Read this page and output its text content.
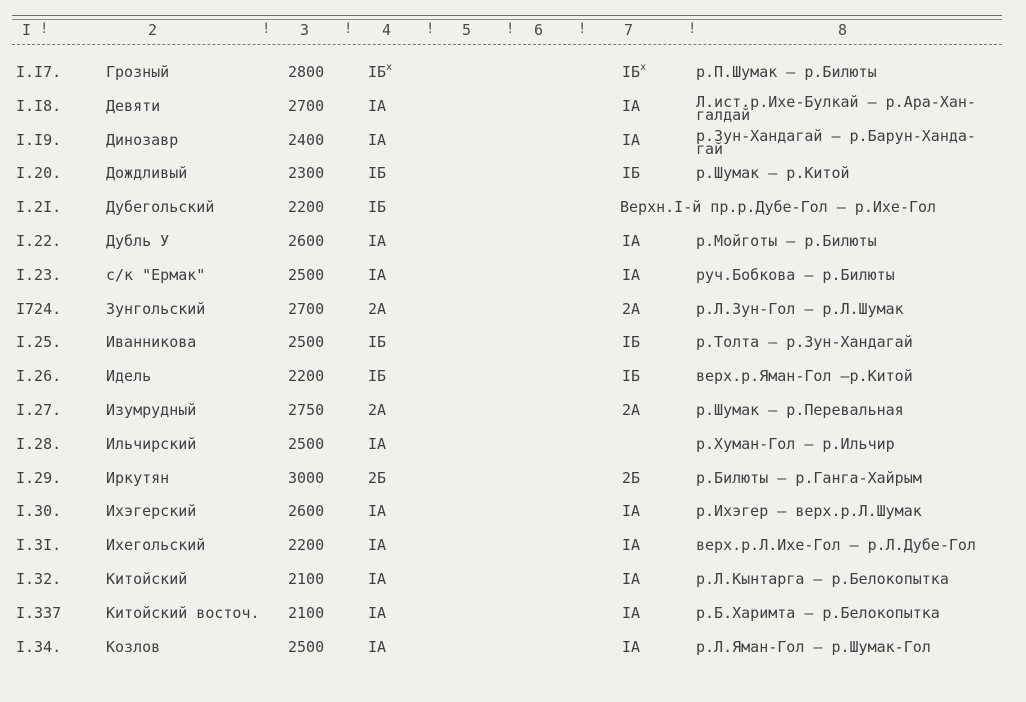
I	2	3	4	5	6	7	8
!	!	!	!	!	!	!
I.I7.	Грозный	2800	$IБ^x$	$IБ^x$	р.П.Шумак – р.Билюты
I.I8.	Девяти	2700	IА	IА	Л.ист.р.Ихе-Булкай – р.Ара-Хан-
галдай
I.I9.	Динозавр	2400	IА	IА	р.Зун-Хандагай – р.Барун-Ханда-
гай
I.20.	Дождливый	2300	IБ	IБ	р.Шумак – р.Китой
I.2I.	Дубегольский	2200	IБ	Верхн.I-й пр.р.Дубе-Гол – р.Ихе-Гол
I.22.	Дубль У	2600	IА	IА	р.Мойготы – р.Билюты
I.23.	с/к "Ермак"	2500	IА	IА	руч.Бобкова – р.Билюты
I724.	Зунгольский	2700	2А	2А	р.Л.Зун-Гол – р.Л.Шумак
I.25.	Иванникова	2500	IБ	IБ	р.Толта – р.Зун-Хандагай
I.26.	Идель	2200	IБ	IБ	верх.р.Яман-Гол –р.Китой
I.27.	Изумрудный	2750	2А	2А	р.Шумак – р.Перевальная
I.28.	Ильчирский	2500	IА	р.Хуман-Гол – р.Ильчир
I.29.	Иркутян	3000	2Б	2Б	р.Билюты – р.Ганга-Хайрым
I.30.	Ихэгерский	2600	IА	IА	р.Ихэгер – верх.р.Л.Шумак
I.3I.	Ихегольский	2200	IА	IА	верх.р.Л.Ихе-Гол – р.Л.Дубе-Гол
I.32.	Китойский	2100	IА	IА	р.Л.Кынтарга – р.Белокопытка
I.337	Китойский восточ. 2100	IА	IА	р.Б.Харимта – р.Белокопытка
I.34.	Козлов	2500	IА	IА	р.Л.Яман-Гол – р.Шумак-Гол
